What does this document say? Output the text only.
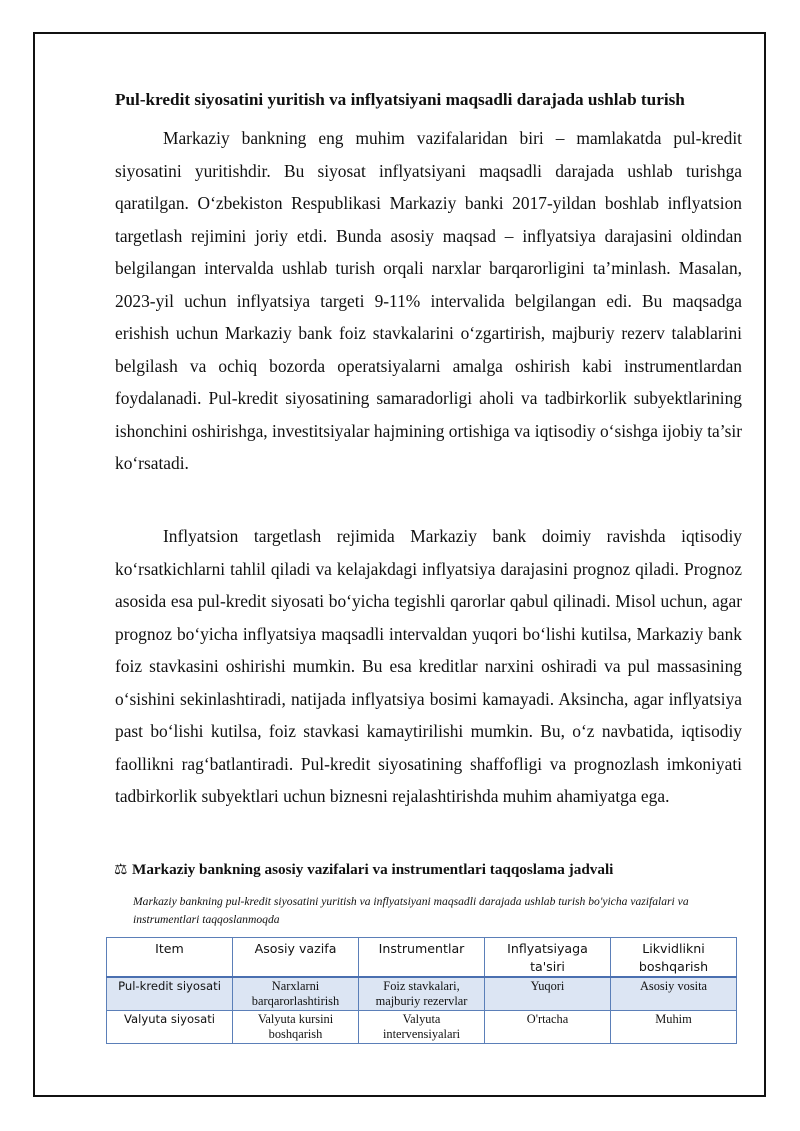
Pul-kredit siyosatini yuritish va inflyatsiyani maqsadli darajada ushlab turish

Markaziy bankning eng muhim vazifalaridan biri – mamlakatda pul-kredit siyosatini yuritishdir. Bu siyosat inflyatsiyani maqsadli darajada ushlab turishga qaratilgan. O‘zbekiston Respublikasi Markaziy banki 2017-yildan boshlab inflyatsion targetlash rejimini joriy etdi. Bunda asosiy maqsad – inflyatsiya darajasini oldindan belgilangan intervalda ushlab turish orqali narxlar barqarorligini ta’minlash. Masalan, 2023-yil uchun inflyatsiya targeti 9-11% intervalida belgilangan edi. Bu maqsadga erishish uchun Markaziy bank foiz stavkalarini o‘zgartirish, majburiy rezerv talablarini belgilash va ochiq bozorda operatsiyalarni amalga oshirish kabi instrumentlardan foydalanadi. Pul-kredit siyosatining samaradorligi aholi va tadbirkorlik subyektlarining ishonchini oshirishga, investitsiyalar hajmining ortishiga va iqtisodiy o‘sishga ijobiy ta’sir ko‘rsatadi.

Inflyatsion targetlash rejimida Markaziy bank doimiy ravishda iqtisodiy ko‘rsatkichlarni tahlil qiladi va kelajakdagi inflyatsiya darajasini prognoz qiladi. Prognoz asosida esa pul-kredit siyosati bo‘yicha tegishli qarorlar qabul qilinadi. Misol uchun, agar prognoz bo‘yicha inflyatsiya maqsadli intervaldan yuqori bo‘lishi kutilsa, Markaziy bank foiz stavkasini oshirishi mumkin. Bu esa kreditlar narxini oshiradi va pul massasining o‘sishini sekinlashtiradi, natijada inflyatsiya bosimi kamayadi. Aksincha, agar inflyatsiya past bo‘lishi kutilsa, foiz stavkasi kamaytirilishi mumkin. Bu, o‘z navbatida, iqtisodiy faollikni rag‘batlantiradi. Pul-kredit siyosatining shaffofligi va prognozlash imkoniyati tadbirkorlik subyektlari uchun biznesni rejalashtirishda muhim ahamiyatga ega.

⚖ Markaziy bankning asosiy vazifalari va instrumentlari taqqoslama jadvali
Markaziy bankning pul-kredit siyosatini yuritish va inflyatsiyani maqsadli darajada ushlab turish bo'yicha vazifalari va instrumentlari taqqoslanmoqda
Item	Asosiy vazifa	Instrumentlar	Inflyatsiyaga ta'siri	Likvidlikni boshqarish
Pul-kredit siyosati	Narxlarni barqarorlashtirish	Foiz stavkalari, majburiy rezervlar	Yuqori	Asosiy vosita
Valyuta siyosati	Valyuta kursini boshqarish	Valyuta intervensiyalari	O'rtacha	Muhim
